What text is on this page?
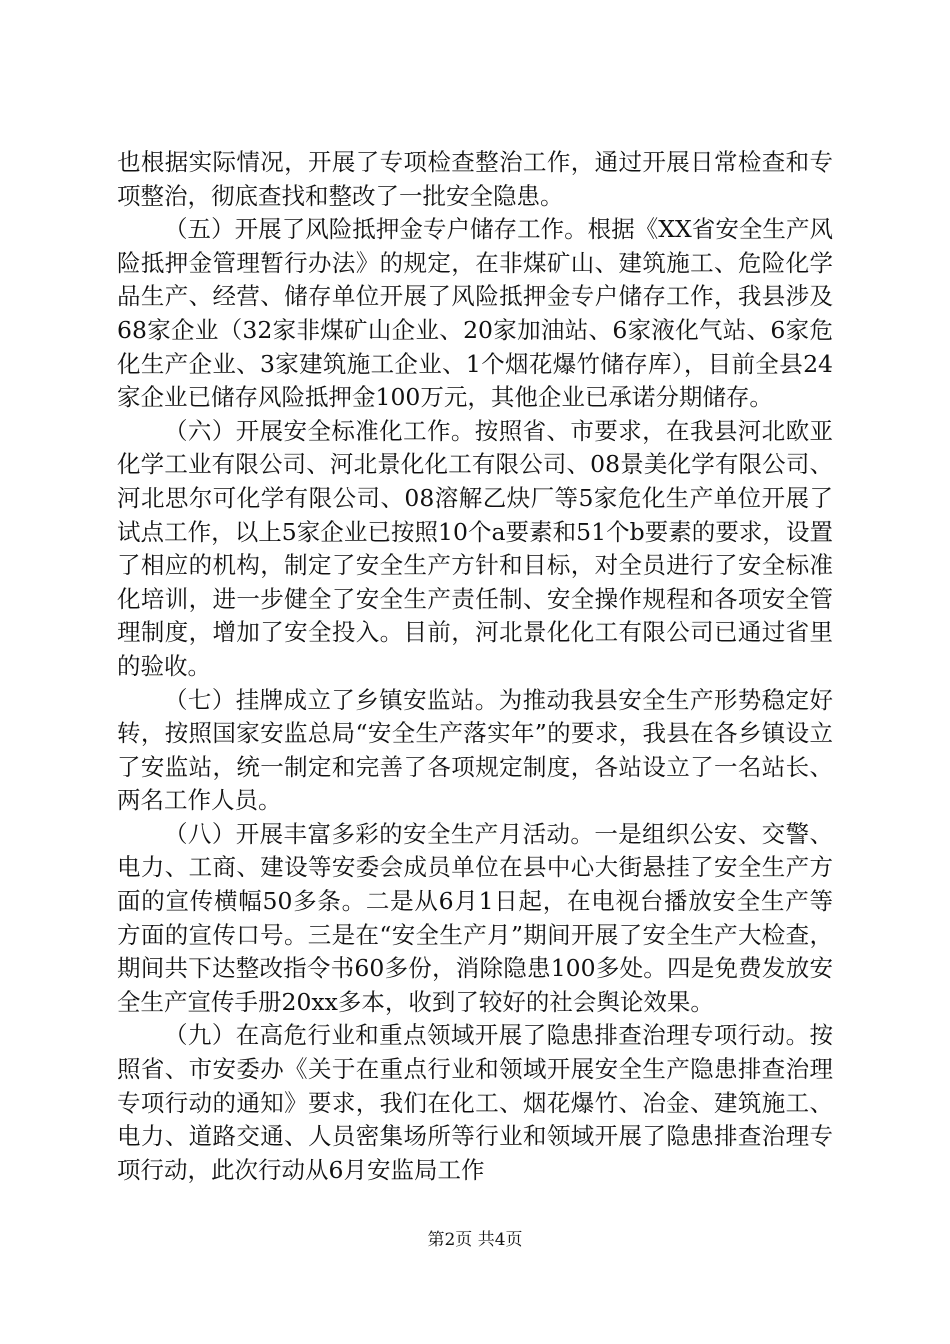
也根据实际情况，开展了专项检查整治工作，通过开展日常检查和专项整治，彻底查找和整改了一批安全隐患。

（五）开展了风险抵押金专户储存工作。根据《XX省安全生产风险抵押金管理暂行办法》的规定，在非煤矿山、建筑施工、危险化学品生产、经营、储存单位开展了风险抵押金专户储存工作，我县涉及68家企业（32家非煤矿山企业、20家加油站、6家液化气站、6家危化生产企业、3家建筑施工企业、1个烟花爆竹储存库），目前全县24家企业已储存风险抵押金100万元，其他企业已承诺分期储存。

（六）开展安全标准化工作。按照省、市要求，在我县河北欧亚化学工业有限公司、河北景化化工有限公司、08景美化学有限公司、河北思尔可化学有限公司、08溶解乙炔厂等5家危化生产单位开展了试点工作，以上5家企业已按照10个a要素和51个b要素的要求，设置了相应的机构，制定了安全生产方针和目标，对全员进行了安全标准化培训，进一步健全了安全生产责任制、安全操作规程和各项安全管理制度，增加了安全投入。目前，河北景化化工有限公司已通过省里的验收。

（七）挂牌成立了乡镇安监站。为推动我县安全生产形势稳定好转，按照国家安监总局“安全生产落实年”的要求，我县在各乡镇设立了安监站，统一制定和完善了各项规定制度，各站设立了一名站长、两名工作人员。

（八）开展丰富多彩的安全生产月活动。一是组织公安、交警、电力、工商、建设等安委会成员单位在县中心大街悬挂了安全生产方面的宣传横幅50多条。二是从6月1日起，在电视台播放安全生产等方面的宣传口号。三是在“安全生产月”期间开展了安全生产大检查，期间共下达整改指令书60多份，消除隐患100多处。四是免费发放安全生产宣传手册20xx多本，收到了较好的社会舆论效果。

（九）在高危行业和重点领域开展了隐患排查治理专项行动。按照省、市安委办《关于在重点行业和领域开展安全生产隐患排查治理专项行动的通知》要求，我们在化工、烟花爆竹、冶金、建筑施工、电力、道路交通、人员密集场所等行业和领域开展了隐患排查治理专项行动，此次行动从6月安监局工作

第2页 共4页
